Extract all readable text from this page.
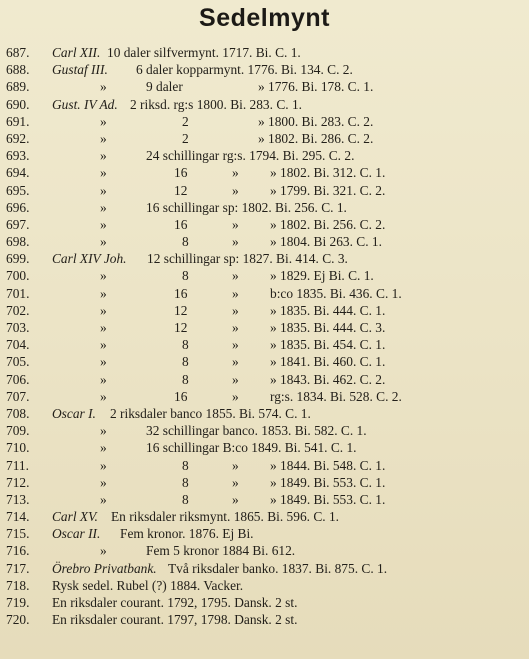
Sedelmynt
687.	Carl XII. 10 daler silfvermynt. 1717. Bi. C. 1.
688.	Gustaf III. 6 daler kopparmynt. 1776. Bi. 134. C. 2.
689.	»	9 daler	» 1776. Bi. 178. C. 1.
690.	Gust. IV Ad. 2 riksd. rg:s 1800. Bi. 283. C. 1.
691.	»	2	» 1800. Bi. 283. C. 2.
692.	»	2	» 1802. Bi. 286. C. 2.
693.	»	24 schillingar rg:s. 1794. Bi. 295. C. 2.
694.	»	16	» » 1802. Bi. 312. C. 1.
695.	»	12	» » 1799. Bi. 321. C. 2.
696.	»	16 schillingar sp: 1802. Bi. 256. C. 1.
697.	»	16	» » 1802. Bi. 256. C. 2.
698.	»	8	» » 1804. Bi 263. C. 1.
699.	Carl XIV Joh. 12 schillingar sp: 1827. Bi. 414. C. 3.
700.	»	8	» » 1829. Ej Bi. C. 1.
701.	»	16	» b:co 1835. Bi. 436. C. 1.
702.	»	12	» » 1835. Bi. 444. C. 1.
703.	»	12	» » 1835. Bi. 444. C. 3.
704.	»	8	» » 1835. Bi. 454. C. 1.
705.	»	8	» » 1841. Bi. 460. C. 1.
706.	»	8	» » 1843. Bi. 462. C. 2.
707.	»	16	» rg:s. 1834. Bi. 528. C. 2.
708.	Oscar I. 2 riksdaler banco 1855. Bi. 574. C. 1.
709.	»	32 schillingar banco. 1853. Bi. 582. C. 1.
710.	»	16 schillingar B:co 1849. Bi. 541. C. 1.
711.	»	8	» » 1844. Bi. 548. C. 1.
712.	»	8	» » 1849. Bi. 553. C. 1.
713.	»	8	» » 1849. Bi. 553. C. 1.
714.	Carl XV. En riksdaler riksmynt. 1865. Bi. 596. C. 1.
715.	Oscar II. Fem kronor. 1876. Ej Bi.
716.	»	Fem 5 kronor 1884 Bi. 612.
717.	Örebro Privatbank. Två riksdaler banko. 1837. Bi. 875. C. 1.
718.	Rysk sedel. Rubel (?) 1884. Vacker.
719.	En riksdaler courant. 1792, 1795. Dansk. 2 st.
720.	En riksdaler courant. 1797, 1798. Dansk. 2 st.
